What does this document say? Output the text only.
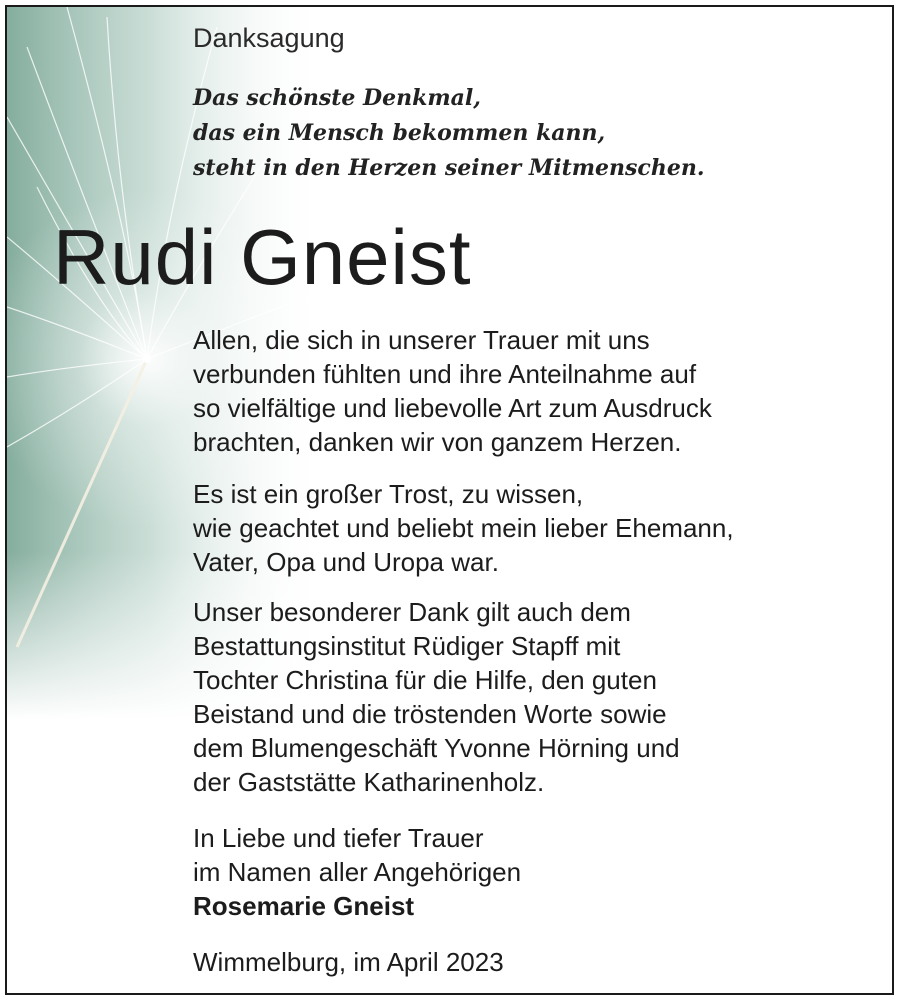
Danksagung
Das schönste Denkmal,
das ein Mensch bekommen kann,
steht in den Herzen seiner Mitmenschen.
Rudi Gneist
Allen, die sich in unserer Trauer mit uns
verbunden fühlten und ihre Anteilnahme auf
so vielfältige und liebevolle Art zum Ausdruck
brachten, danken wir von ganzem Herzen.
Es ist ein großer Trost, zu wissen,
wie geachtet und beliebt mein lieber Ehemann,
Vater, Opa und Uropa war.
Unser besonderer Dank gilt auch dem
Bestattungsinstitut Rüdiger Stapff mit
Tochter Christina für die Hilfe, den guten
Beistand und die tröstenden Worte sowie
dem Blumengeschäft Yvonne Hörning und
der Gaststätte Katharinenholz.
In Liebe und tiefer Trauer
im Namen aller Angehörigen
Rosemarie Gneist
Wimmelburg, im April 2023
